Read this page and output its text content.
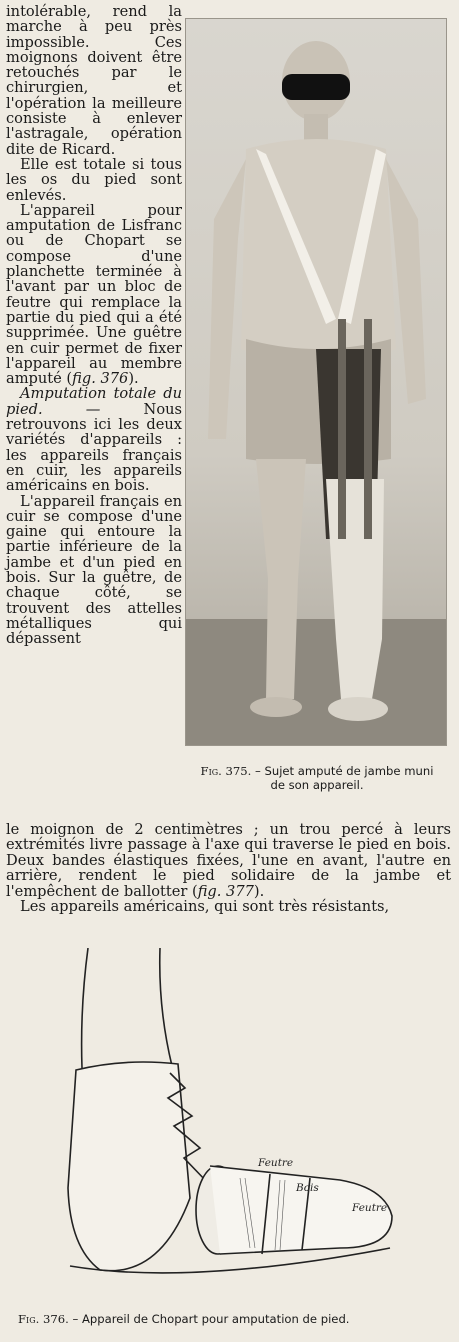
intolérable, rend la marche à peu près impossible. Ces moignons doivent être retouchés par le chirurgien, et l'opération la meilleure consiste à enlever l'astragale, opération dite de Ricard.

Elle est totale si tous les os du pied sont enlevés.

L'appareil pour amputation de Lisfranc ou de Chopart se compose d'une planchette terminée à l'avant par un bloc de feutre qui remplace la partie du pied qui a été supprimée. Une guêtre en cuir permet de fixer l'appareil au membre amputé (fig. 376).

Amputation totale du pied. — Nous retrouvons ici les deux variétés d'appareils : les appareils français en cuir, les appareils américains en bois.

L'appareil français en cuir se compose d'une gaine qui entoure la partie inférieure de la jambe et d'un pied en bois. Sur la guêtre, de chaque côté, se trouvent des attelles métalliques qui dépassent

Fig. 375. – Sujet amputé de jambe muni de son appareil.

le moignon de 2 centimètres ; un trou percé à leurs extrémités livre passage à l'axe qui traverse le pied en bois. Deux bandes élastiques fixées, l'une en avant, l'autre en arrière, rendent le pied solidaire de la jambe et l'empêchent de ballotter (fig. 377).

Les appareils américains, qui sont très résistants,

Feutre
Bois
Feutre
Fig. 376. – Appareil de Chopart pour amputation de pied.
